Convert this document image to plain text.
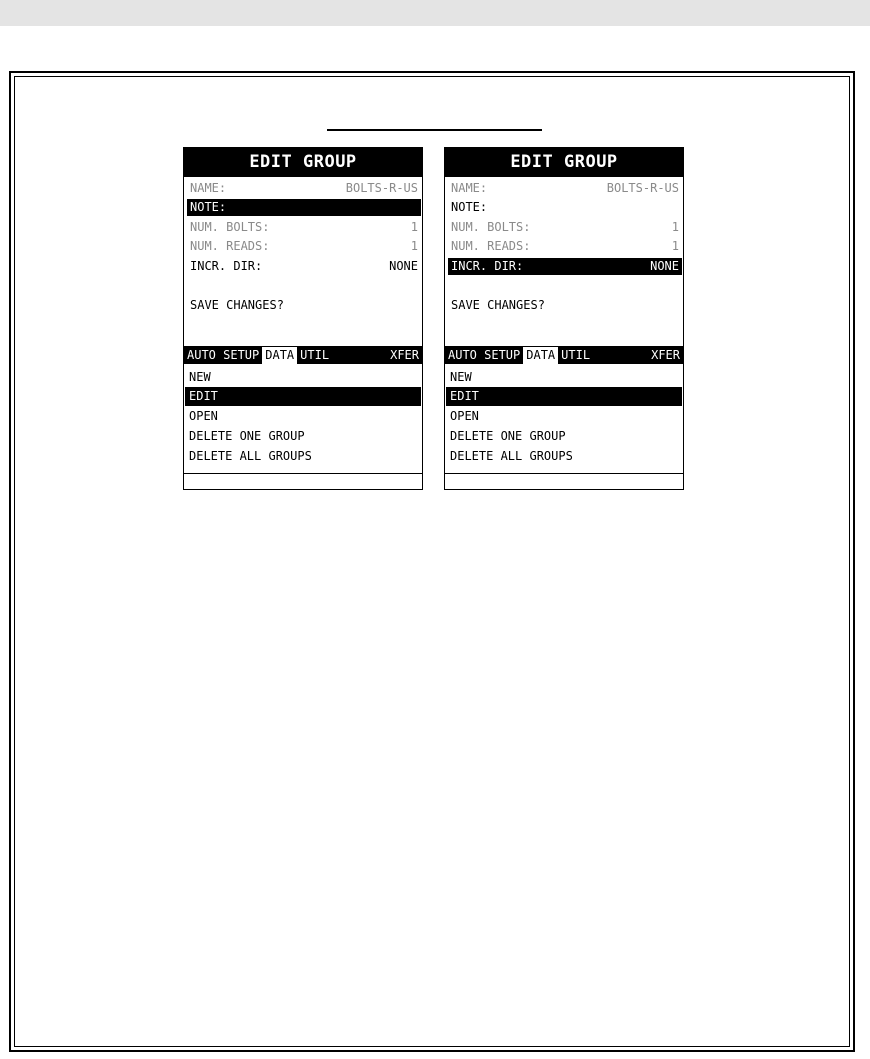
EDIT GROUP
NAME:	BOLTS-R-US
NOTE:
NUM. BOLTS:	1
NUM. READS:	1
INCR. DIR:	NONE
SAVE CHANGES?
AUTO SETUP DATA UTIL	XFER
NEW
EDIT
OPEN
DELETE ONE GROUP
DELETE ALL GROUPS
EDIT GROUP
NAME:	BOLTS-R-US
NOTE:
NUM. BOLTS:	1
NUM. READS:	1
INCR. DIR:	NONE
SAVE CHANGES?
AUTO SETUP DATA UTIL	XFER
NEW
EDIT
OPEN
DELETE ONE GROUP
DELETE ALL GROUPS
